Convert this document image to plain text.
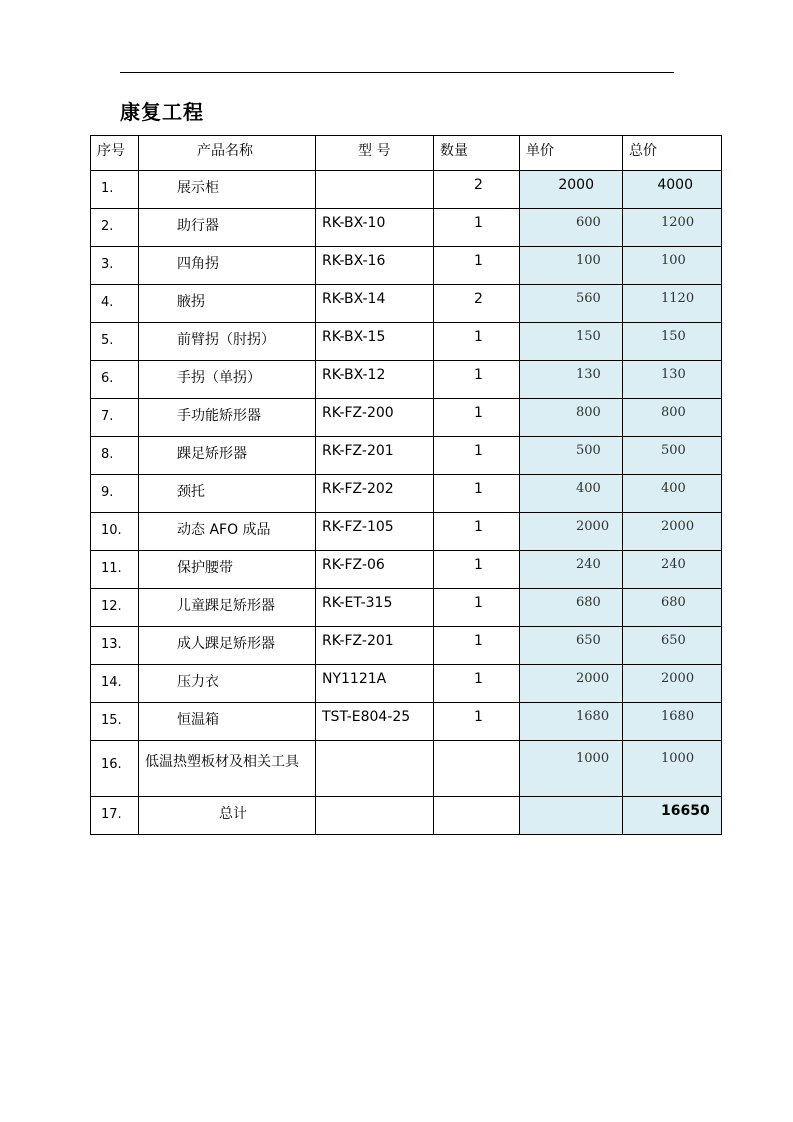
康复工程
序号	产品名称	型 号	数量	单价	总价

1.	展示柜		2	2000	4000

2.	助行器	RK-BX-10	1	600	1200

3.	四角拐	RK-BX-16	1	100	100

4.	腋拐	RK-BX-14	2	560	1120

5.	前臂拐（肘拐）	RK-BX-15	1	150	150

6.	手拐（单拐）	RK-BX-12	1	130	130

7.	手功能矫形器	RK-FZ-200	1	800	800

8.	踝足矫形器	RK-FZ-201	1	500	500

9.	颈托	RK-FZ-202	1	400	400

10.	动态 AFO 成品	RK-FZ-105	1	2000	2000

11.	保护腰带	RK-FZ-06	1	240	240

12.	儿童踝足矫形器	RK-ET-315	1	680	680

13.	成人踝足矫形器	RK-FZ-201	1	650	650

14.	压力衣	NY1121A	1	2000	2000

15.	恒温箱	TST-E804-25	1	1680	1680

16.	低温热塑板材及相关工具			1000	1000

17.	总计				16650
